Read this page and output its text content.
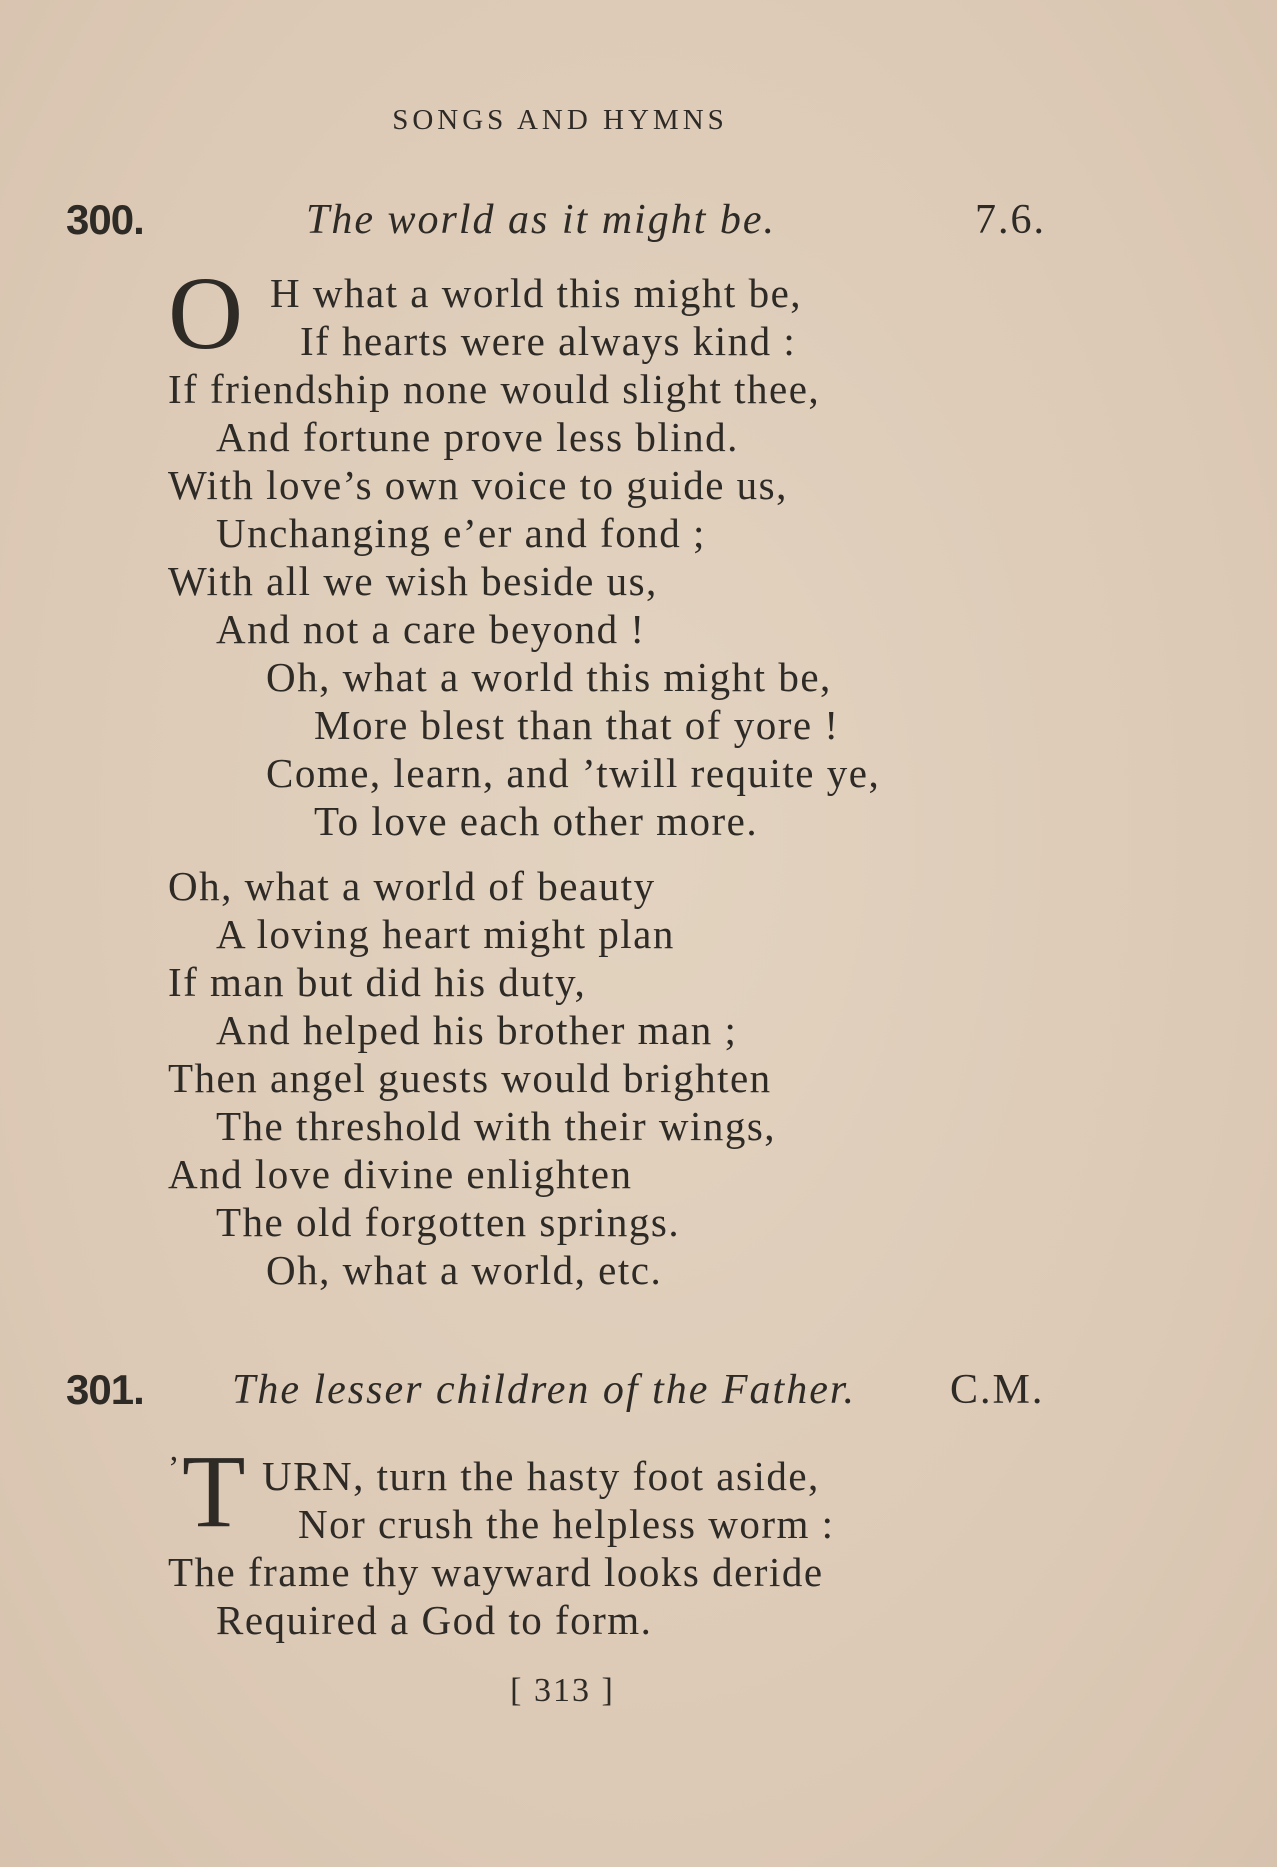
SONGS AND HYMNS
300.	The world as it might be.	7.6.
O H what a world this might be,
If hearts were always kind :
If friendship none would slight thee,
And fortune prove less blind.
With love’s own voice to guide us,
Unchanging e’er and fond ;
With all we wish beside us,
And not a care beyond !
Oh, what a world this might be,
More blest than that of yore !
Come, learn, and ’twill requite ye,
To love each other more.
Oh, what a world of beauty
A loving heart might plan
If man but did his duty,
And helped his brother man ;
Then angel guests would brighten
The threshold with their wings,
And love divine enlighten
The old forgotten springs.
Oh, what a world, etc.
301. The lesser children of the Father. C.M.
’ T URN, turn the hasty foot aside,
Nor crush the helpless worm :
The frame thy wayward looks deride
Required a God to form.
[ 313 ]
